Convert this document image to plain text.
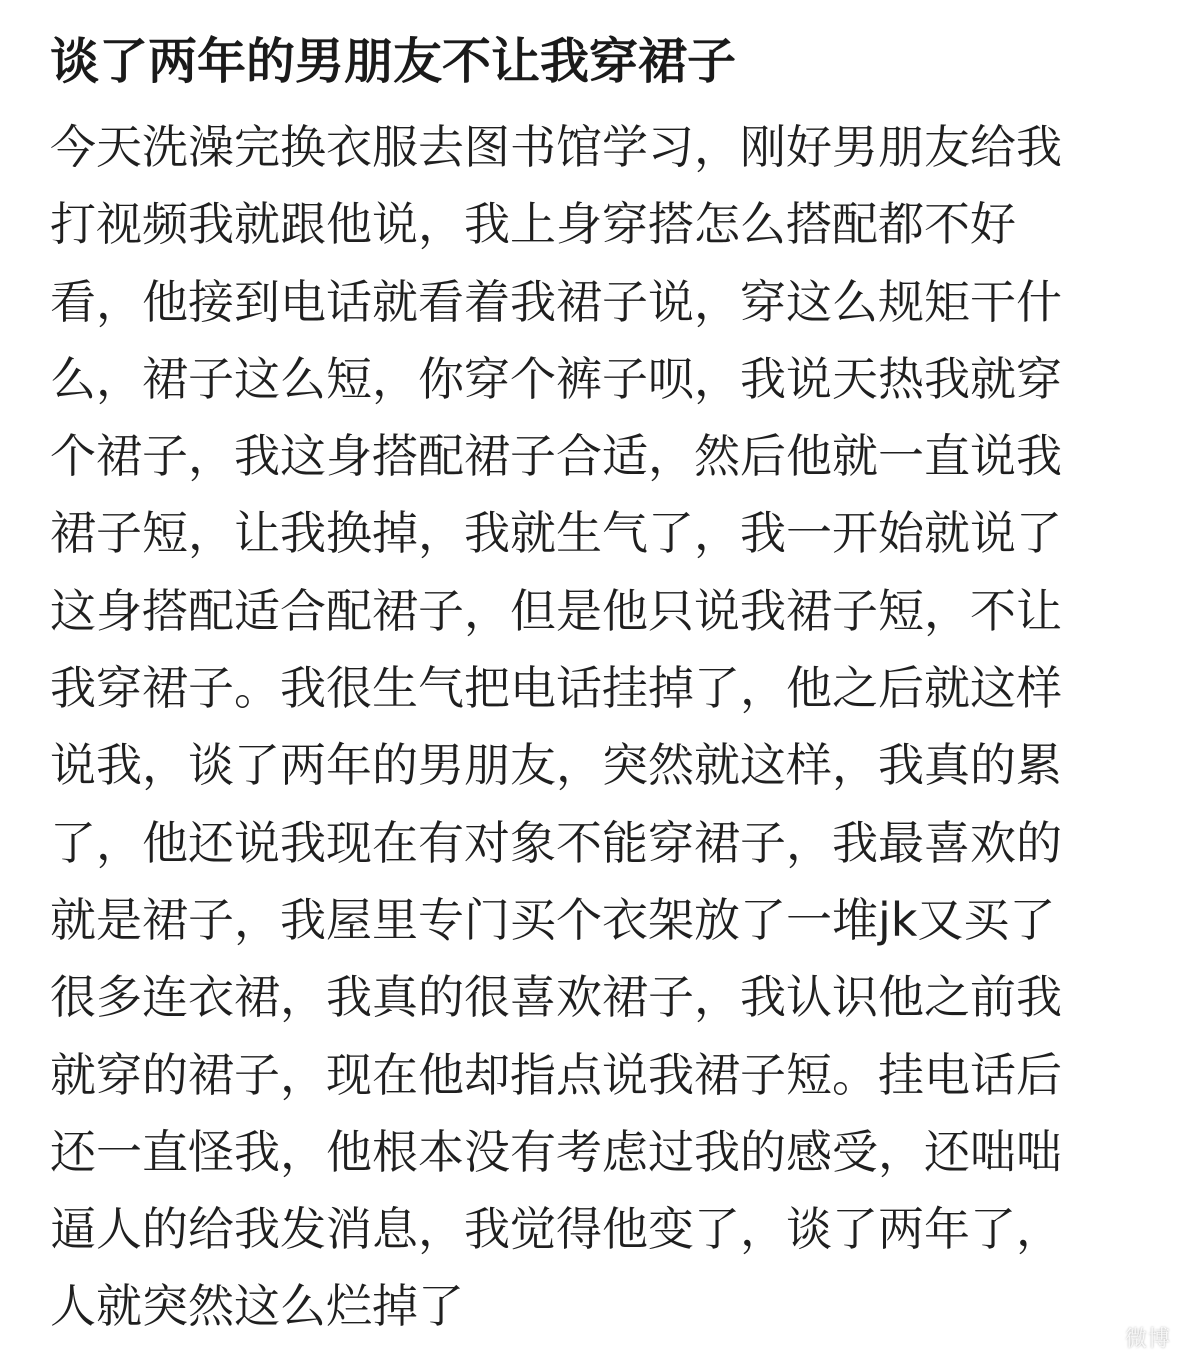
谈了两年的男朋友不让我穿裙子
今天洗澡完换衣服去图书馆学习，刚好男朋友给我
打视频我就跟他说，我上身穿搭怎么搭配都不好
看，他接到电话就看着我裙子说，穿这么规矩干什
么，裙子这么短，你穿个裤子呗，我说天热我就穿
个裙子，我这身搭配裙子合适，然后他就一直说我
裙子短，让我换掉，我就生气了，我一开始就说了
这身搭配适合配裙子，但是他只说我裙子短，不让
我穿裙子。我很生气把电话挂掉了，他之后就这样
说我，谈了两年的男朋友，突然就这样，我真的累
了，他还说我现在有对象不能穿裙子，我最喜欢的
就是裙子，我屋里专门买个衣架放了一堆jk又买了
很多连衣裙，我真的很喜欢裙子，我认识他之前我
就穿的裙子，现在他却指点说我裙子短。挂电话后
还一直怪我，他根本没有考虑过我的感受，还咄咄
逼人的给我发消息，我觉得他变了，谈了两年了，
人就突然这么烂掉了
微博
